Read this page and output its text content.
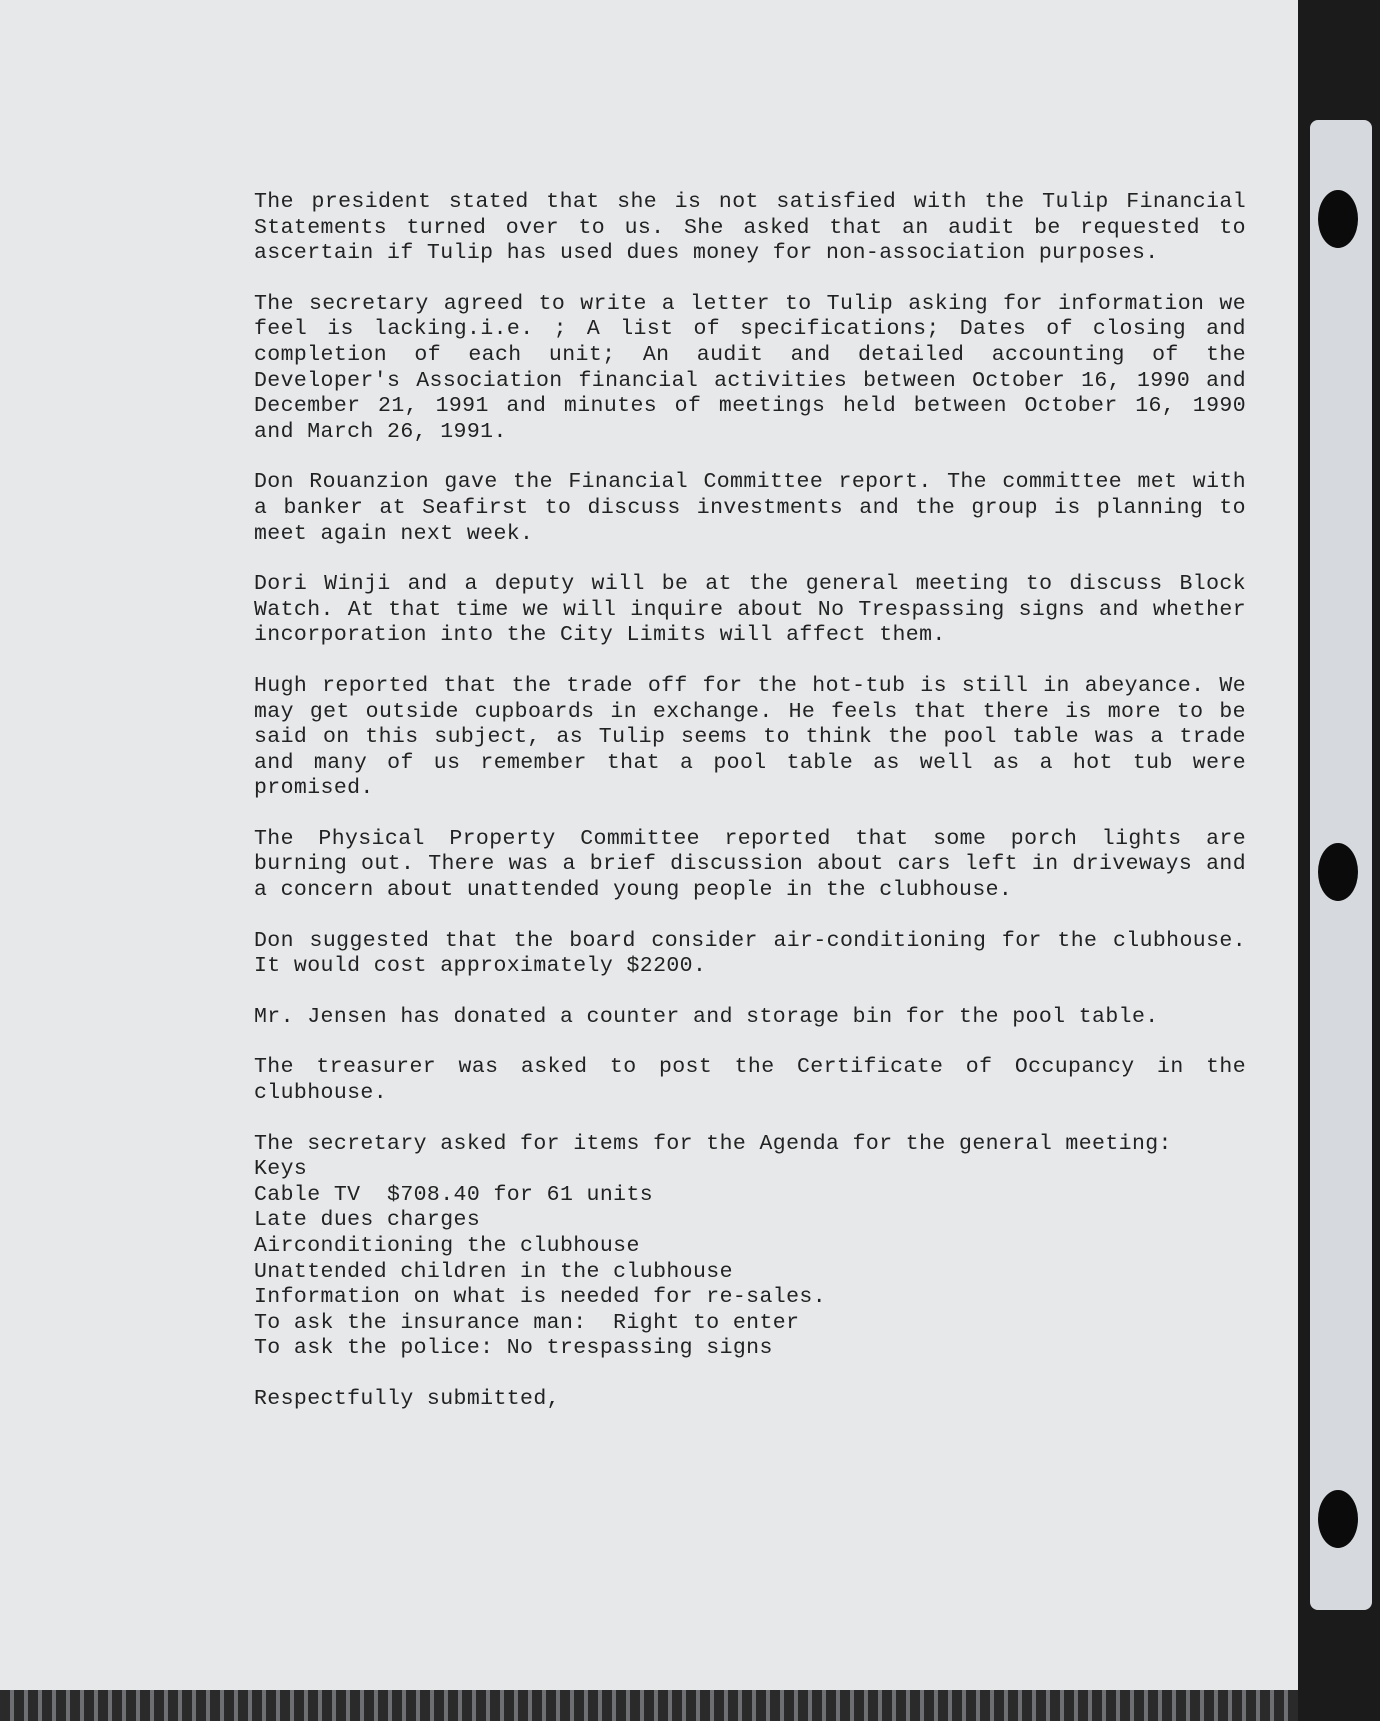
The president stated that she is not satisfied with the Tulip Financial Statements turned over to us. She asked that an audit be requested to ascertain if Tulip has used dues money for non-association purposes.

The secretary agreed to write a letter to Tulip asking for information we feel is lacking.i.e. ; A list of specifications; Dates of closing and completion of each unit; An audit and detailed accounting of the Developer's Association financial activities between October 16, 1990 and December 21, 1991 and minutes of meetings held between October 16, 1990 and March 26, 1991.

Don Rouanzion gave the Financial Committee report. The committee met with a banker at Seafirst to discuss investments and the group is planning to meet again next week.

Dori Winji and a deputy will be at the general meeting to discuss Block Watch. At that time we will inquire about No Trespassing signs and whether incorporation into the City Limits will affect them.

Hugh reported that the trade off for the hot-tub is still in abeyance. We may get outside cupboards in exchange. He feels that there is more to be said on this subject, as Tulip seems to think the pool table was a trade and many of us remember that a pool table as well as a hot tub were promised.

The Physical Property Committee reported that some porch lights are burning out. There was a brief discussion about cars left in driveways and a concern about unattended young people in the clubhouse.

Don suggested that the board consider air-conditioning for the clubhouse. It would cost approximately $2200.

Mr. Jensen has donated a counter and storage bin for the pool table.

The treasurer was asked to post the Certificate of Occupancy in the clubhouse.

The secretary asked for items for the Agenda for the general meeting:

Keys
Cable TV  $708.40 for 61 units
Late dues charges
Airconditioning the clubhouse
Unattended children in the clubhouse
Information on what is needed for re-sales.
To ask the insurance man:  Right to enter
To ask the police: No trespassing signs

Respectfully submitted,
